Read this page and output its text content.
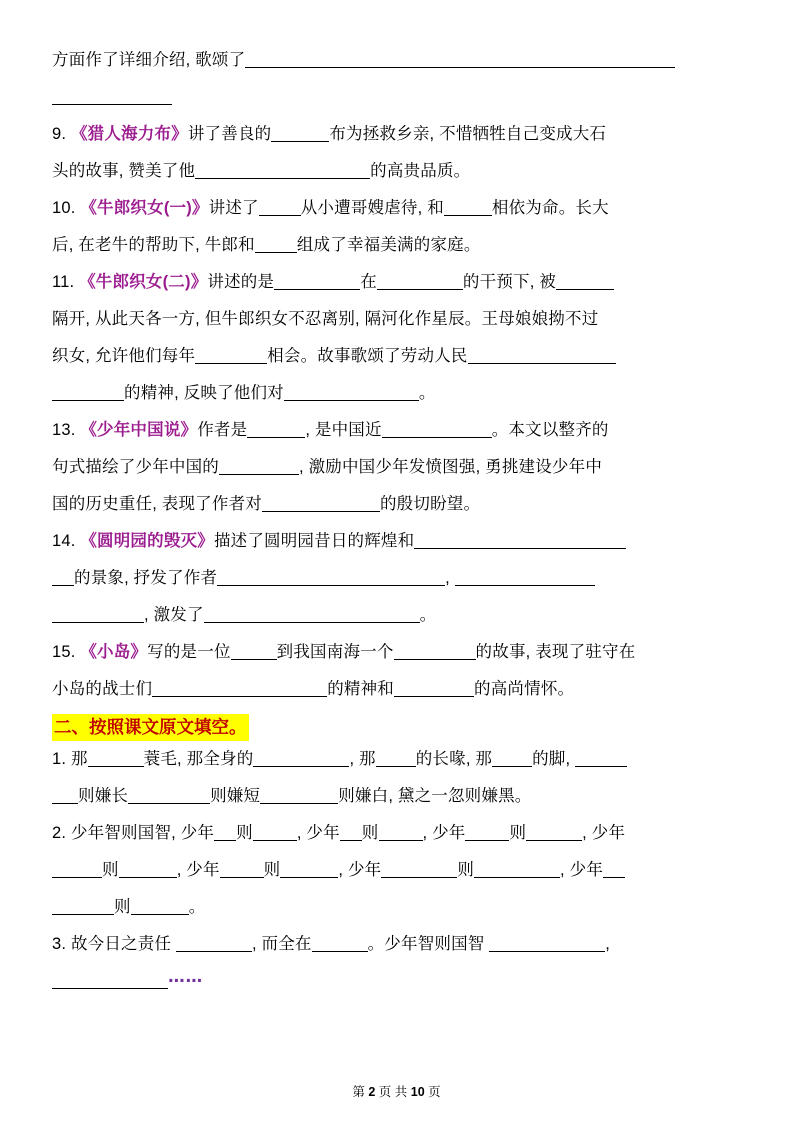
方面作了详细介绍, 歌颂了
9. 《猎人海力布》讲了善良的	布为拯救乡亲, 不惜牺牲自己变成大石
头的故事, 赞美了他	的高贵品质。
10. 《牛郎织女(一)》讲述了	从小遭哥嫂虐待, 和	相依为命。长大
后, 在老牛的帮助下, 牛郎和	组成了幸福美满的家庭。
11. 《牛郎织女(二)》讲述的是	在	的干预下, 被
隔开, 从此天各一方, 但牛郎织女不忍离别, 隔河化作星辰。王母娘娘拗不过
织女, 允许他们每年	相会。故事歌颂了劳动人民
的精神, 反映了他们对	。
13. 《少年中国说》作者是	, 是中国近	。本文以整齐的
句式描绘了少年中国的	, 激励中国少年发愤图强, 勇挑建设少年中
国的历史重任, 表现了作者对	的殷切盼望。
14. 《圆明园的毁灭》描述了圆明园昔日的辉煌和
的景象, 抒发了作者	,
, 激发了	。
15. 《小岛》写的是一位	到我国南海一个	的故事, 表现了驻守在
小岛的战士们	的精神和	的高尚情怀。
二、按照课文原文填空。
1. 那	蓑毛, 那全身的	, 那 的长喙, 那 的脚,
则嫌长	则嫌短	则嫌白, 黛之一忽则嫌黑。
2. 少年智则国智, 少年 则	, 少年 则	, 少年	则	, 少年
则	, 少年	则	, 少年	则	, 少年
则	。
3. 故今日之责任	, 而全在	。少年智则国智	,
⋯⋯
第 2 页 共 10 页
